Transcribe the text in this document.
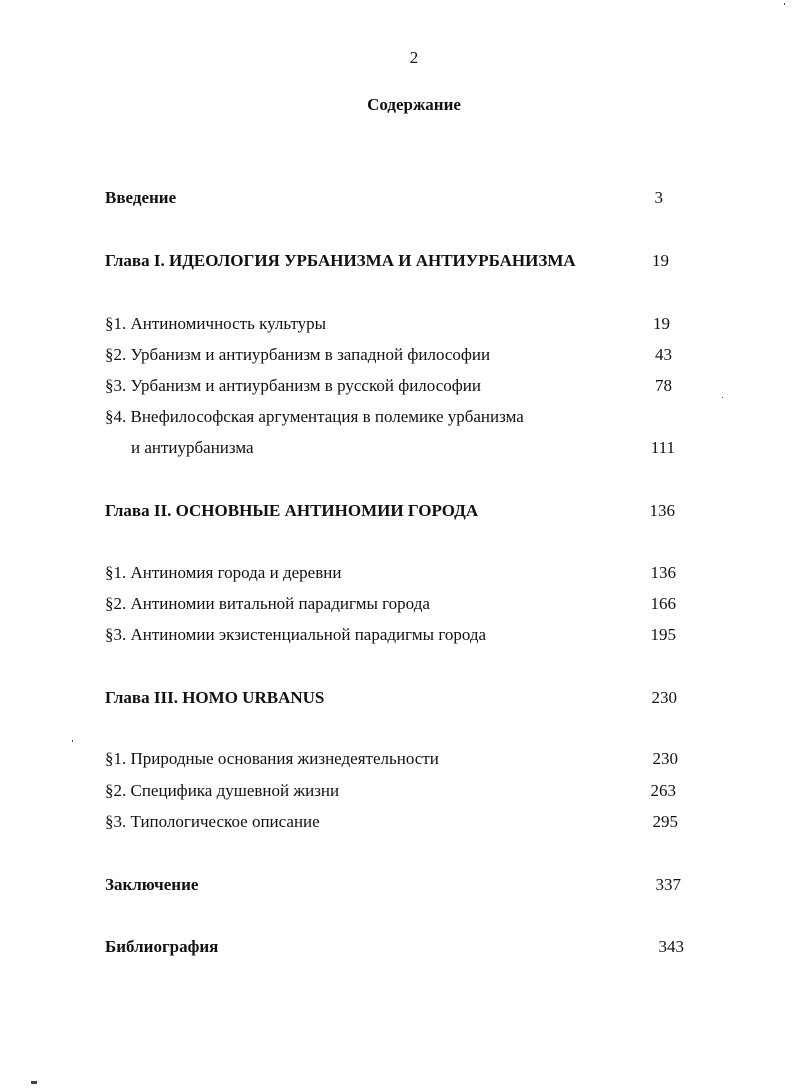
2
Содержание
Введение	3
Глава I. ИДЕОЛОГИЯ УРБАНИЗМА И АНТИУРБАНИЗМА	19
§1. Антиномичность культуры	19
§2. Урбанизм и антиурбанизм в западной философии	43
§3. Урбанизм и антиурбанизм в русской философии	78
§4. Внефилософская аргументация в полемике урбанизма
и антиурбанизма	111
Глава II. ОСНОВНЫЕ АНТИНОМИИ ГОРОДА	136
§1. Антиномия города и деревни	136
§2. Антиномии витальной парадигмы города	166
§3. Антиномии экзистенциальной парадигмы города	195
Глава III. HOMO URBANUS	230
§1. Природные основания жизнедеятельности	230
§2. Специфика душевной жизни	263
§3. Типологическое описание	295
Заключение	337
Библиография	343
